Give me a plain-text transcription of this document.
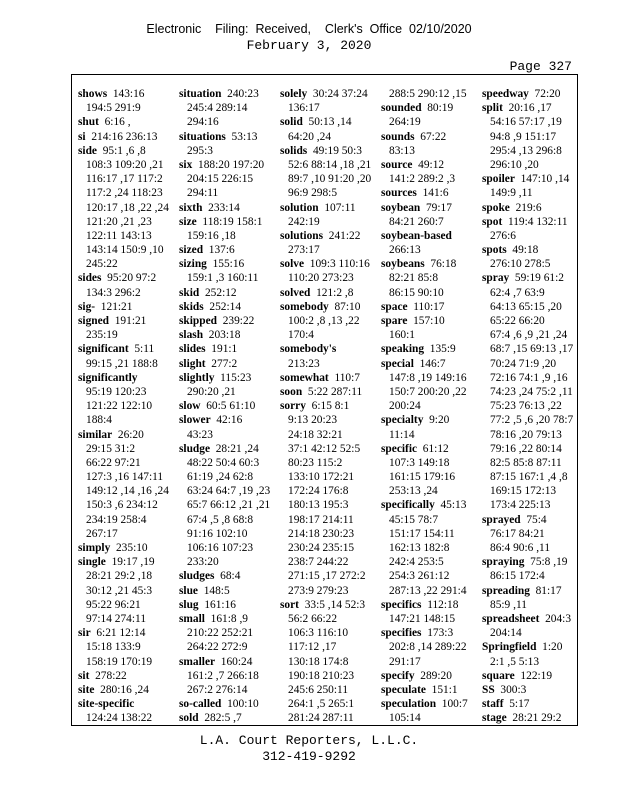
Electronic    Filing:  Received,    Clerk's  Office  02/10/2020
February 3, 2020
Page 327
shows 143:16
194:5 291:9
shut 6:16 ,
si 214:16 236:13
side 95:1 ,6 ,8
108:3 109:20 ,21
116:17 ,17 117:2
117:2 ,24 118:23
120:17 ,18 ,22 ,24
121:20 ,21 ,23
122:11 143:13
143:14 150:9 ,10
245:22
sides 95:20 97:2
134:3 296:2
sig- 121:21
signed 191:21
235:19
significant 5:11
99:15 ,21 188:8
significantly
95:19 120:23
121:22 122:10
188:4
similar 26:20
29:15 31:2
66:22 97:21
127:3 ,16 147:11
149:12 ,14 ,16 ,24
150:3 ,6 234:12
234:19 258:4
267:17
simply 235:10
single 19:17 ,19
28:21 29:2 ,18
30:12 ,21 45:3
95:22 96:21
97:14 274:11
sir 6:21 12:14
15:18 133:9
158:19 170:19
sit 278:22
site 280:16 ,24
site-specific
124:24 138:22
situation 240:23
245:4 289:14
294:16
situations 53:13
295:3
six 188:20 197:20
204:15 226:15
294:11
sixth 233:14
size 118:19 158:1
159:16 ,18
sized 137:6
sizing 155:16
159:1 ,3 160:11
skid 252:12
skids 252:14
skipped 239:22
slash 203:18
slides 191:1
slight 277:2
slightly 115:23
290:20 ,21
slow 60:5 61:10
slower 42:16
43:23
sludge 28:21 ,24
48:22 50:4 60:3
61:19 ,24 62:8
63:24 64:7 ,19 ,23
65:7 66:12 ,21 ,21
67:4 ,5 ,8 68:8
91:16 102:10
106:16 107:23
233:20
sludges 68:4
slue 148:5
slug 161:16
small 161:8 ,9
210:22 252:21
264:22 272:9
smaller 160:24
161:2 ,7 266:18
267:2 276:14
so-called 100:10
sold 282:5 ,7
solely 30:24 37:24
136:17
solid 50:13 ,14
64:20 ,24
solids 49:19 50:3
52:6 88:14 ,18 ,21
89:7 ,10 91:20 ,20
96:9 298:5
solution 107:11
242:19
solutions 241:22
273:17
solve 109:3 110:16
110:20 273:23
solved 121:2 ,8
somebody 87:10
100:2 ,8 ,13 ,22
170:4
somebody's
213:23
somewhat 110:7
soon 5:22 287:11
sorry 6:15 8:1
9:13 20:23
24:18 32:21
37:1 42:12 52:5
80:23 115:2
133:10 172:21
172:24 176:8
180:13 195:3
198:17 214:11
214:18 230:23
230:24 235:15
238:7 244:22
271:15 ,17 272:2
273:9 279:23
sort 33:5 ,14 52:3
56:2 66:22
106:3 116:10
117:12 ,17
130:18 174:8
190:18 210:23
245:6 250:11
264:1 ,5 265:1
281:24 287:11
288:5 290:12 ,15
sounded 80:19
264:19
sounds 67:22
83:13
source 49:12
141:2 289:2 ,3
sources 141:6
soybean 79:17
84:21 260:7
soybean-based
266:13
soybeans 76:18
82:21 85:8
86:15 90:10
space 110:17
spare 157:10
160:1
speaking 135:9
special 146:7
147:8 ,19 149:16
150:7 200:20 ,22
200:24
specialty 9:20
11:14
specific 61:12
107:3 149:18
161:15 179:16
253:13 ,24
specifically 45:13
45:15 78:7
151:17 154:11
162:13 182:8
242:4 253:5
254:3 261:12
287:13 ,22 291:4
specifics 112:18
147:21 148:15
specifies 173:3
202:8 ,14 289:22
291:17
specify 289:20
speculate 151:1
speculation 100:7
105:14
speedway 72:20
split 20:16 ,17
54:16 57:17 ,19
94:8 ,9 151:17
295:4 ,13 296:8
296:10 ,20
spoiler 147:10 ,14
149:9 ,11
spoke 219:6
spot 119:4 132:11
276:6
spots 49:18
276:10 278:5
spray 59:19 61:2
62:4 ,7 63:9
64:13 65:15 ,20
65:22 66:20
67:4 ,6 ,9 ,21 ,24
68:7 ,15 69:13 ,17
70:24 71:9 ,20
72:16 74:1 ,9 ,16
74:23 ,24 75:2 ,11
75:23 76:13 ,22
77:2 ,5 ,6 ,20 78:7
78:16 ,20 79:13
79:16 ,22 80:14
82:5 85:8 87:11
87:15 167:1 ,4 ,8
169:15 172:13
173:4 225:13
sprayed 75:4
76:17 84:21
86:4 90:6 ,11
spraying 75:8 ,19
86:15 172:4
spreading 81:17
85:9 ,11
spreadsheet 204:3
204:14
Springfield 1:20
2:1 ,5 5:13
square 122:19
SS 300:3
staff 5:17
stage 28:21 29:2
L.A. Court Reporters, L.L.C.
312-419-9292
